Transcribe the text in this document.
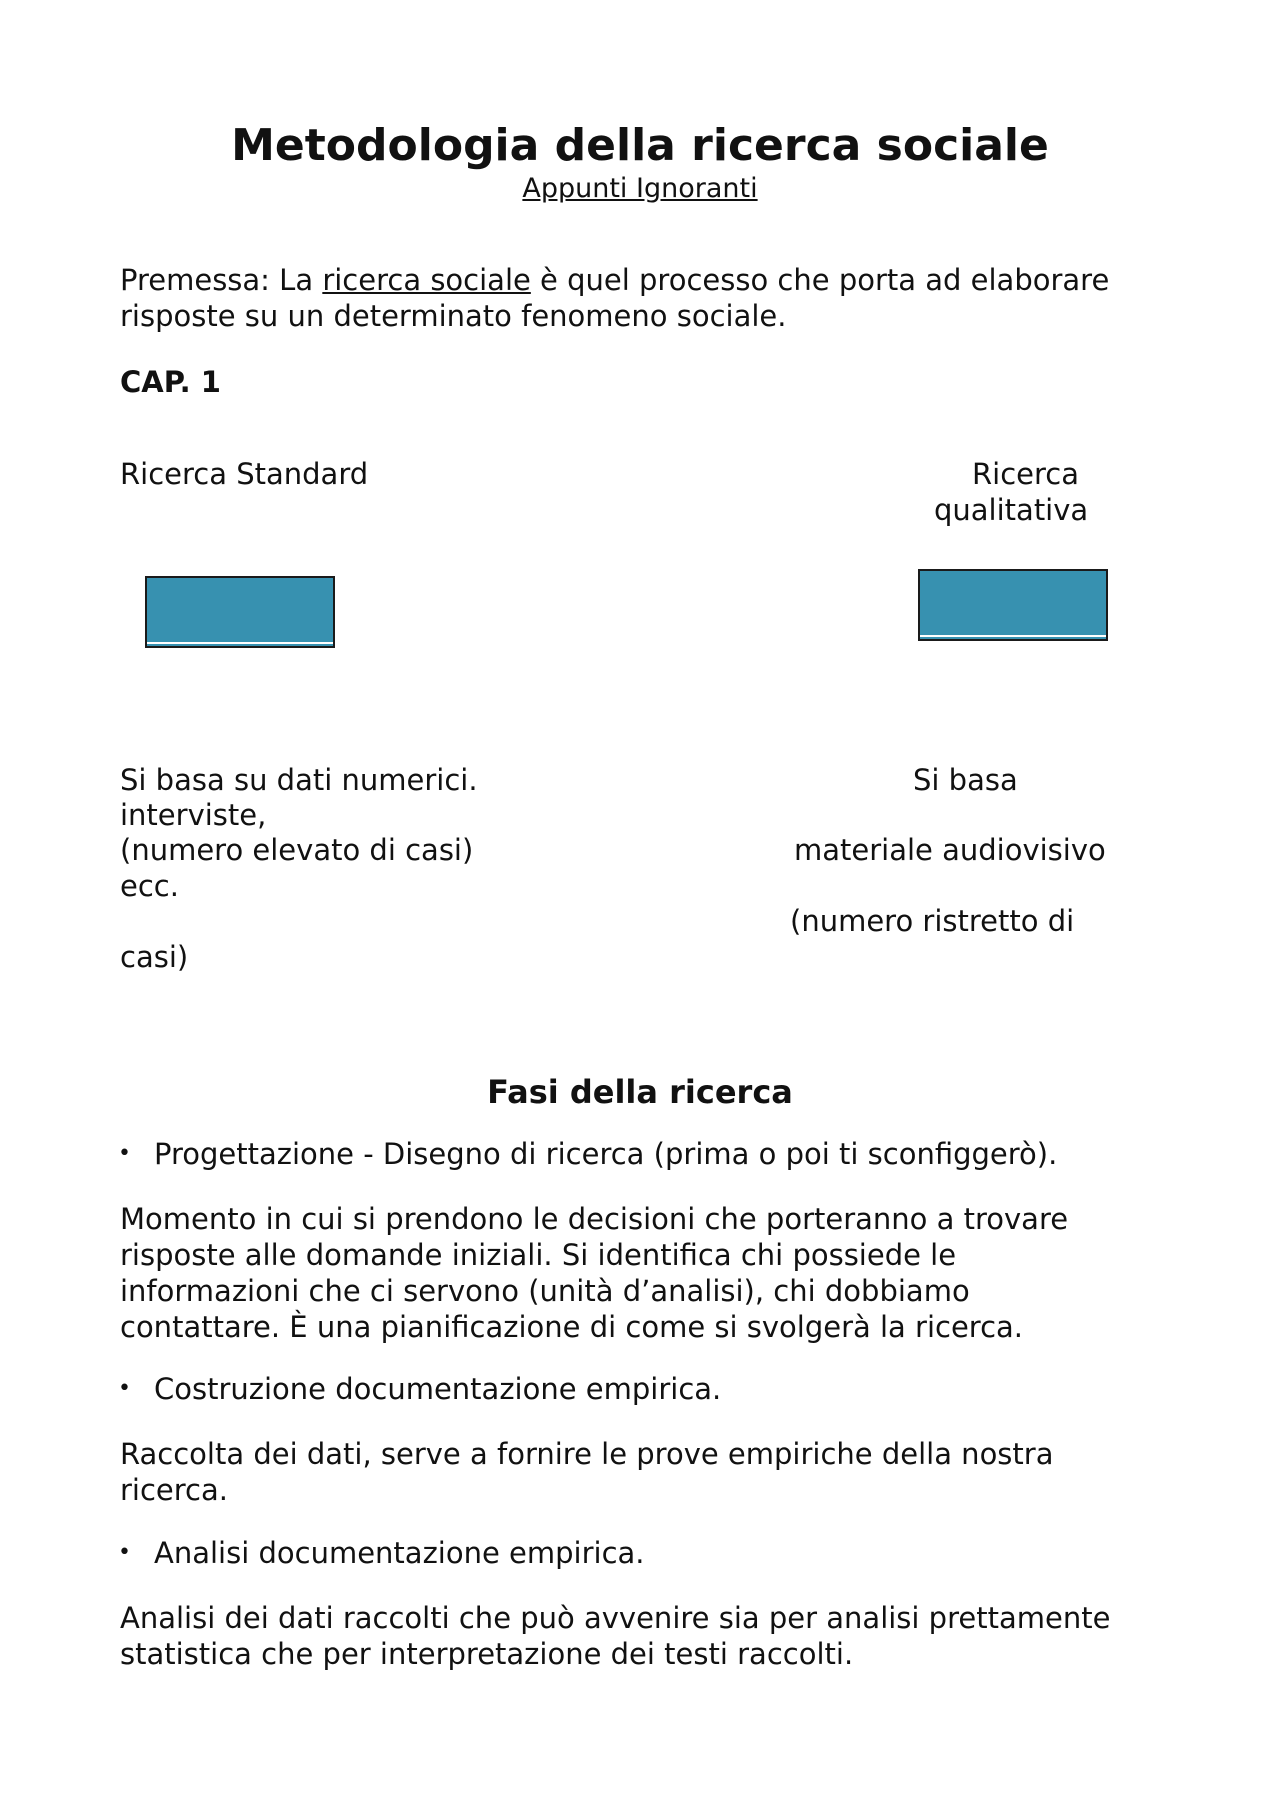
Metodologia della ricerca sociale
Appunti Ignoranti
Premessa: La ricerca sociale è quel processo che porta ad elaborare
risposte su un determinato fenomeno sociale.
CAP. 1
Ricerca Standard	Ricerca
qualitativa
Si basa su dati numerici.	Si basa
interviste,
(numero elevato di casi)	materiale audiovisivo
ecc.
(numero ristretto di
casi)
Fasi della ricerca
• Progettazione - Disegno di ricerca (prima o poi ti sconfiggerò).
Momento in cui si prendono le decisioni che porteranno a trovare
risposte alle domande iniziali. Si identifica chi possiede le
informazioni che ci servono (unità d’analisi), chi dobbiamo
contattare. È una pianificazione di come si svolgerà la ricerca.
• Costruzione documentazione empirica.
Raccolta dei dati, serve a fornire le prove empiriche della nostra
ricerca.
• Analisi documentazione empirica.
Analisi dei dati raccolti che può avvenire sia per analisi prettamente
statistica che per interpretazione dei testi raccolti.
